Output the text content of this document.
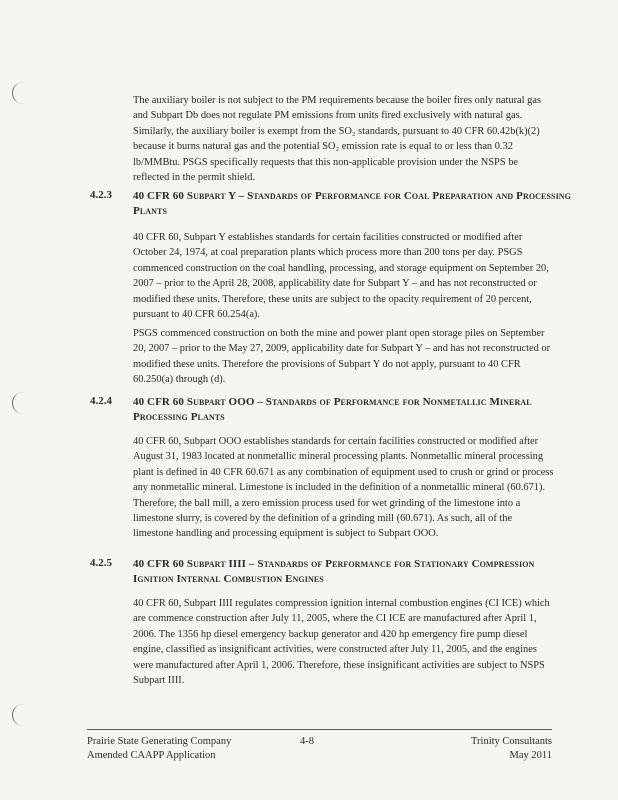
The auxiliary boiler is not subject to the PM requirements because the boiler fires only natural gas and Subpart Db does not regulate PM emissions from units fired exclusively with natural gas. Similarly, the auxiliary boiler is exempt from the SO₂ standards, pursuant to 40 CFR 60.42b(k)(2) because it burns natural gas and the potential SO₂ emission rate is equal to or less than 0.32 lb/MMBtu. PSGS specifically requests that this non-applicable provision under the NSPS be reflected in the permit shield.

4.2.3 40 CFR 60 Subpart Y – Standards of Performance for Coal Preparation and Processing Plants

40 CFR 60, Subpart Y establishes standards for certain facilities constructed or modified after October 24, 1974, at coal preparation plants which process more than 200 tons per day. PSGS commenced construction on the coal handling, processing, and storage equipment on September 20, 2007 – prior to the April 28, 2008, applicability date for Subpart Y – and has not reconstructed or modified these units. Therefore, these units are subject to the opacity requirement of 20 percent, pursuant to 40 CFR 60.254(a).

PSGS commenced construction on both the mine and power plant open storage piles on September 20, 2007 – prior to the May 27, 2009, applicability date for Subpart Y – and has not reconstructed or modified these units. Therefore the provisions of Subpart Y do not apply, pursuant to 40 CFR 60.250(a) through (d).

4.2.4 40 CFR 60 Subpart OOO – Standards of Performance for Nonmetallic Mineral Processing Plants

40 CFR 60, Subpart OOO establishes standards for certain facilities constructed or modified after August 31, 1983 located at nonmetallic mineral processing plants. Nonmetallic mineral processing plant is defined in 40 CFR 60.671 as any combination of equipment used to crush or grind or process any nonmetallic mineral. Limestone is included in the definition of a nonmetallic mineral (60.671). Therefore, the ball mill, a zero emission process used for wet grinding of the limestone into a limestone slurry, is covered by the definition of a grinding mill (60.671). As such, all of the limestone handling and processing equipment is subject to Subpart OOO.

4.2.5 40 CFR 60 Subpart IIII – Standards of Performance for Stationary Compression Ignition Internal Combustion Engines

40 CFR 60, Subpart IIII regulates compression ignition internal combustion engines (CI ICE) which are commence construction after July 11, 2005, where the CI ICE are manufactured after April 1, 2006. The 1356 hp diesel emergency backup generator and 420 hp emergency fire pump diesel engine, classified as insignificant activities, were constructed after July 11, 2005, and the engines were manufactured after April 1, 2006. Therefore, these insignificant activities are subject to NSPS Subpart IIII.

Prairie State Generating Company
Amended CAAPP Application
4-8	Trinity Consultants
May 2011
